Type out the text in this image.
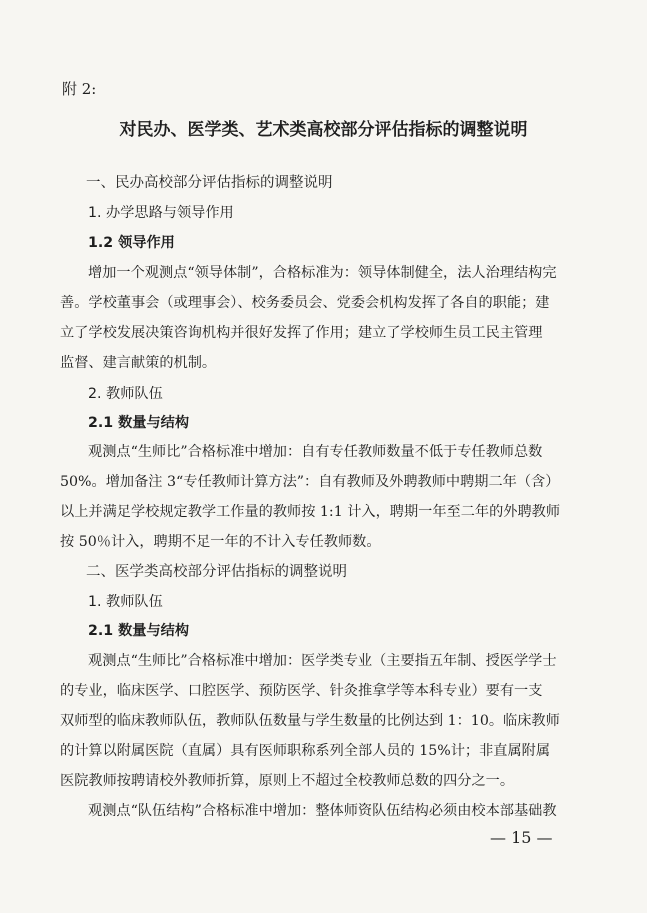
附 2:
对民办、医学类、艺术类高校部分评估指标的调整说明
一、民办高校部分评估指标的调整说明
1. 办学思路与领导作用
1.2 领导作用
增加一个观测点“领导体制”，合格标准为：领导体制健全，法人治理结构完
善。学校董事会（或理事会）、校务委员会、党委会机构发挥了各自的职能；建
立了学校发展决策咨询机构并很好发挥了作用；建立了学校师生员工民主管理
监督、建言献策的机制。
2. 教师队伍
2.1 数量与结构
观测点“生师比”合格标准中增加：自有专任教师数量不低于专任教师总数
50%。增加备注 3“专任教师计算方法”：自有教师及外聘教师中聘期二年（含）
以上并满足学校规定教学工作量的教师按 1:1 计入，聘期一年至二年的外聘教师
按 50％计入，聘期不足一年的不计入专任教师数。
二、医学类高校部分评估指标的调整说明
1. 教师队伍
2.1 数量与结构
观测点“生师比”合格标准中增加：医学类专业（主要指五年制、授医学学士
的专业，临床医学、口腔医学、预防医学、针灸推拿学等本科专业）要有一支
双师型的临床教师队伍，教师队伍数量与学生数量的比例达到 1：10。临床教师
的计算以附属医院（直属）具有医师职称系列全部人员的 15%计；非直属附属
医院教师按聘请校外教师折算，原则上不超过全校教师总数的四分之一。
观测点“队伍结构”合格标准中增加：整体师资队伍结构必须由校本部基础教
— 15 —
